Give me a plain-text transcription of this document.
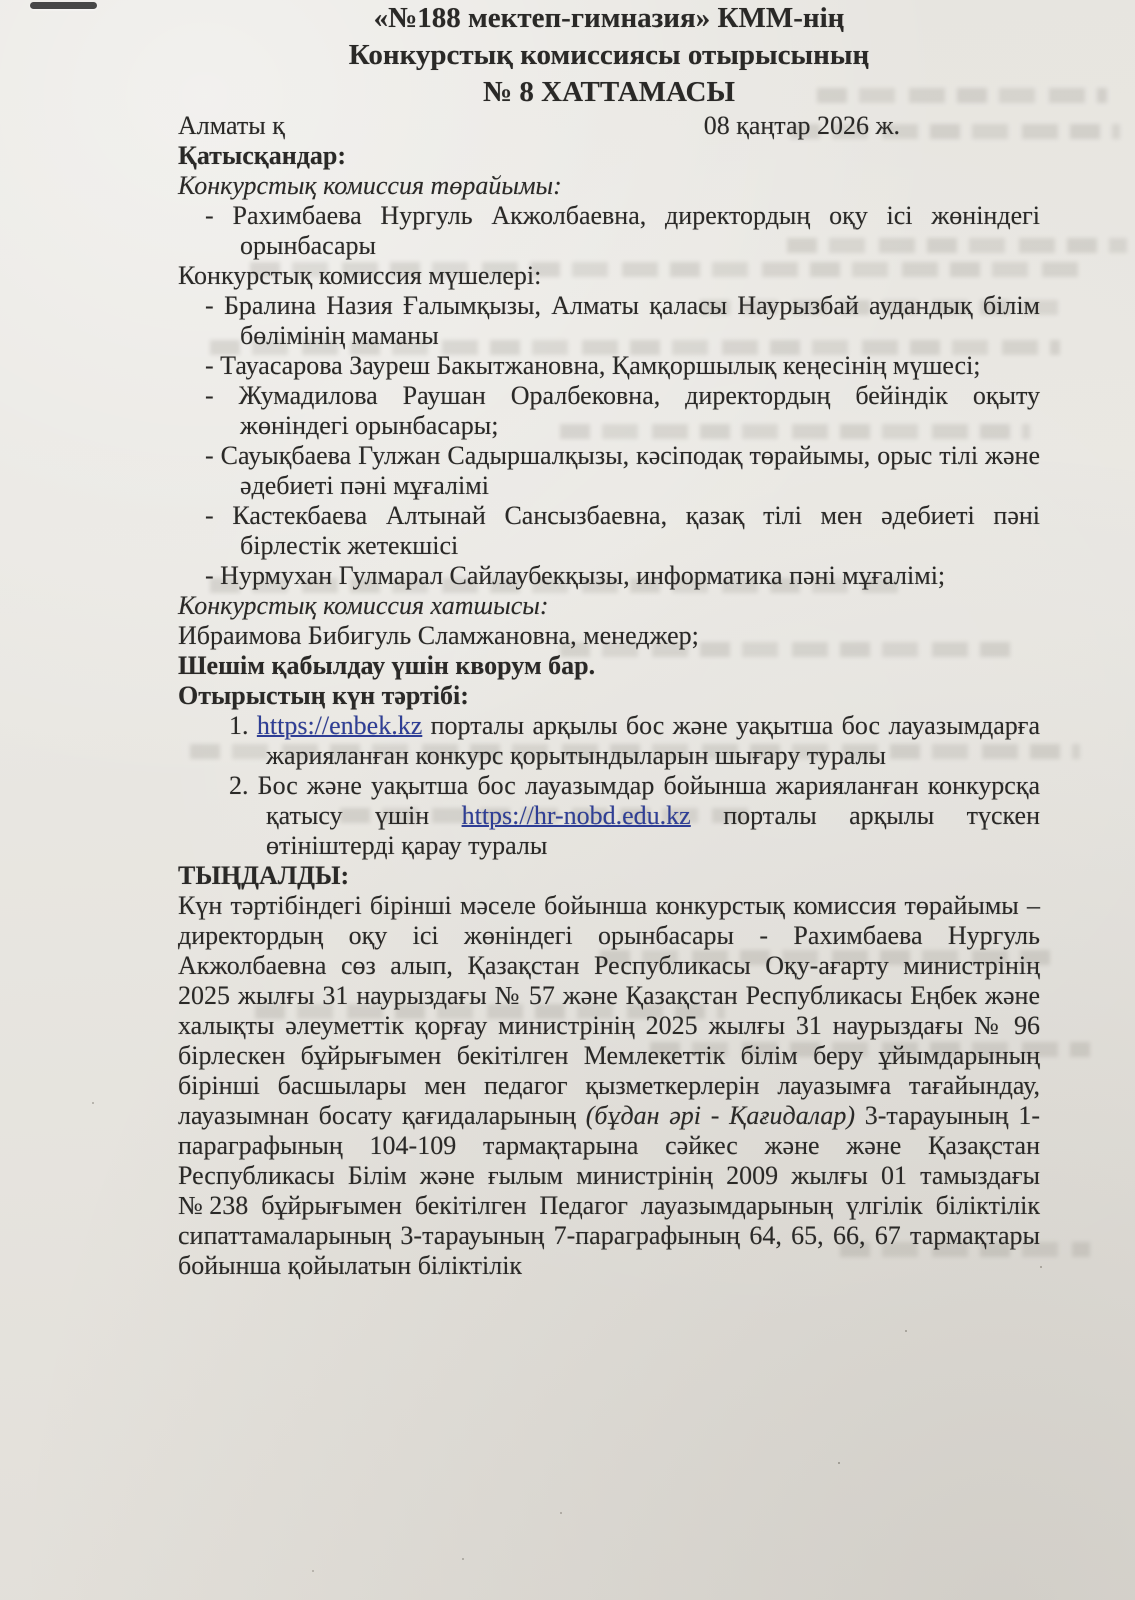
«№188 мектеп-гимназия» КММ-нің
Конкурстық комиссиясы отырысының
№ 8 ХАТТАМАСЫ
Алматы қ	08 қаңтар 2026 ж.
Қатысқандар:
Конкурстық комиссия төрайымы:
- Рахимбаева Нургуль Акжолбаевна, директордың оқу ісі жөніндегі орынбасары
Конкурстық комиссия мүшелері:
- Бралина Назия Ғалымқызы, Алматы қаласы Наурызбай аудандық білім бөлімінің маманы
- Тауасарова Зауреш Бакытжановна, Қамқоршылық кеңесінің мүшесі;
- Жумадилова Раушан Оралбековна, директордың бейіндік оқыту жөніндегі орынбасары;
- Сауықбаева Гулжан Садыршалқызы, кәсіподақ төрайымы, орыс тілі және әдебиеті пәні мұғалімі
- Кастекбаева Алтынай Сансызбаевна, қазақ тілі мен әдебиеті пәні бірлестік жетекшісі
- Нурмухан Гулмарал Сайлаубекқызы, информатика пәні мұғалімі;
Конкурстық комиссия хатшысы:
Ибраимова Бибигуль Сламжановна, менеджер;
Шешім қабылдау үшін кворум бар.
Отырыстың күн тәртібі:
1. https://enbek.kz порталы арқылы бос және уақытша бос лауазымдарға жарияланған конкурс қорытындыларын шығару туралы
2. Бос және уақытша бос лауазымдар бойынша жарияланған конкурсқа қатысу үшін https://hr-nobd.edu.kz порталы арқылы түскен өтініштерді қарау туралы
ТЫҢДАЛДЫ:

Күн тәртібіндегі бірінші мәселе бойынша конкурстық комиссия төрайымы – директордың оқу ісі жөніндегі орынбасары - Рахимбаева Нургуль Акжолбаевна сөз алып, Қазақстан Республикасы Оқу-ағарту министрінің 2025 жылғы 31 наурыздағы № 57 және Қазақстан Республикасы Еңбек және халықты әлеуметтік қорғау министрінің 2025 жылғы 31 наурыздағы № 96 бірлескен бұйрығымен бекітілген Мемлекеттік білім беру ұйымдарының бірінші басшылары мен педагог қызметкерлерін лауазымға тағайындау, лауазымнан босату қағидаларының (бұдан әрі - Қағидалар) 3-тарауының 1-параграфының 104-109 тармақтарына сәйкес және және Қазақстан Республикасы Білім және ғылым министрінің 2009 жылғы 01 тамыздағы №238 бұйрығымен бекітілген Педагог лауазымдарының үлгілік біліктілік сипаттамаларының 3-тарауының 7-параграфының 64, 65, 66, 67 тармақтары бойынша қойылатын біліктілік
